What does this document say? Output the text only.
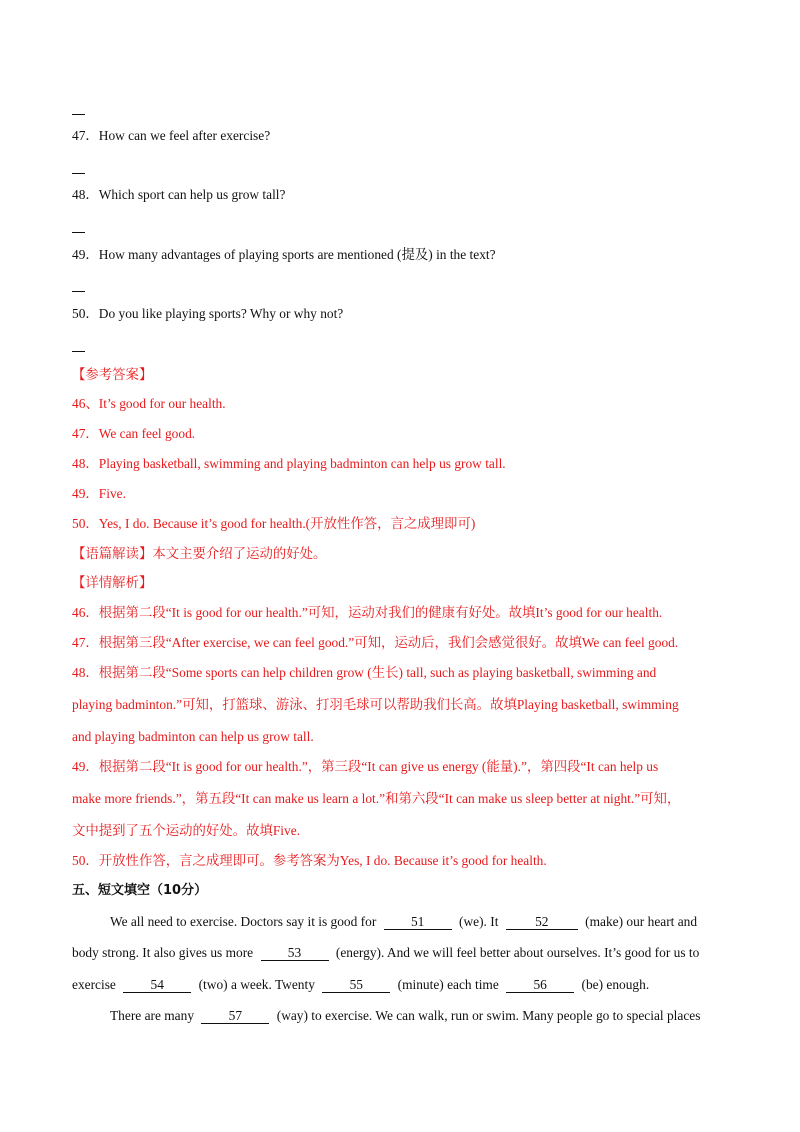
47．How can we feel after exercise?
48．Which sport can help us grow tall?
49．How many advantages of playing sports are mentioned (提及) in the text?
50．Do you like playing sports? Why or why not?
【参考答案】
46、It’s good for our health.
47．We can feel good.
48．Playing basketball, swimming and playing badminton can help us grow tall.
49．Five.
50．Yes, I do. Because it’s good for health.(开放性作答，言之成理即可)
【语篇解读】本文主要介绍了运动的好处。
【详情解析】
46．根据第二段“It is good for our health.”可知，运动对我们的健康有好处。故填It’s good for our health.
47．根据第三段“After exercise, we can feel good.”可知，运动后，我们会感觉很好。故填We can feel good.
48．根据第二段“Some sports can help children grow (生长) tall, such as playing basketball, swimming and
playing badminton.”可知，打篮球、游泳、打羽毛球可以帮助我们长高。故填Playing basketball, swimming
and playing badminton can help us grow tall.
49．根据第二段“It is good for our health.”，第三段“It can give us energy (能量).”，第四段“It can help us
make more friends.”，第五段“It can make us learn a lot.”和第六段“It can make us sleep better at night.”可知，
文中提到了五个运动的好处。故填Five.
50．开放性作答，言之成理即可。参考答案为Yes, I do. Because it’s good for health.
五、短文填空（10分）
We all need to exercise. Doctors say it is good for	51	(we). It	52	(make) our heart and
body strong. It also gives us more	53	(energy). And we will feel better about ourselves. It’s good for us to
exercise	54	(two) a week. Twenty	55	(minute) each time	56	(be) enough.
There are many	57	(way) to exercise. We can walk, run or swim. Many people go to special places
